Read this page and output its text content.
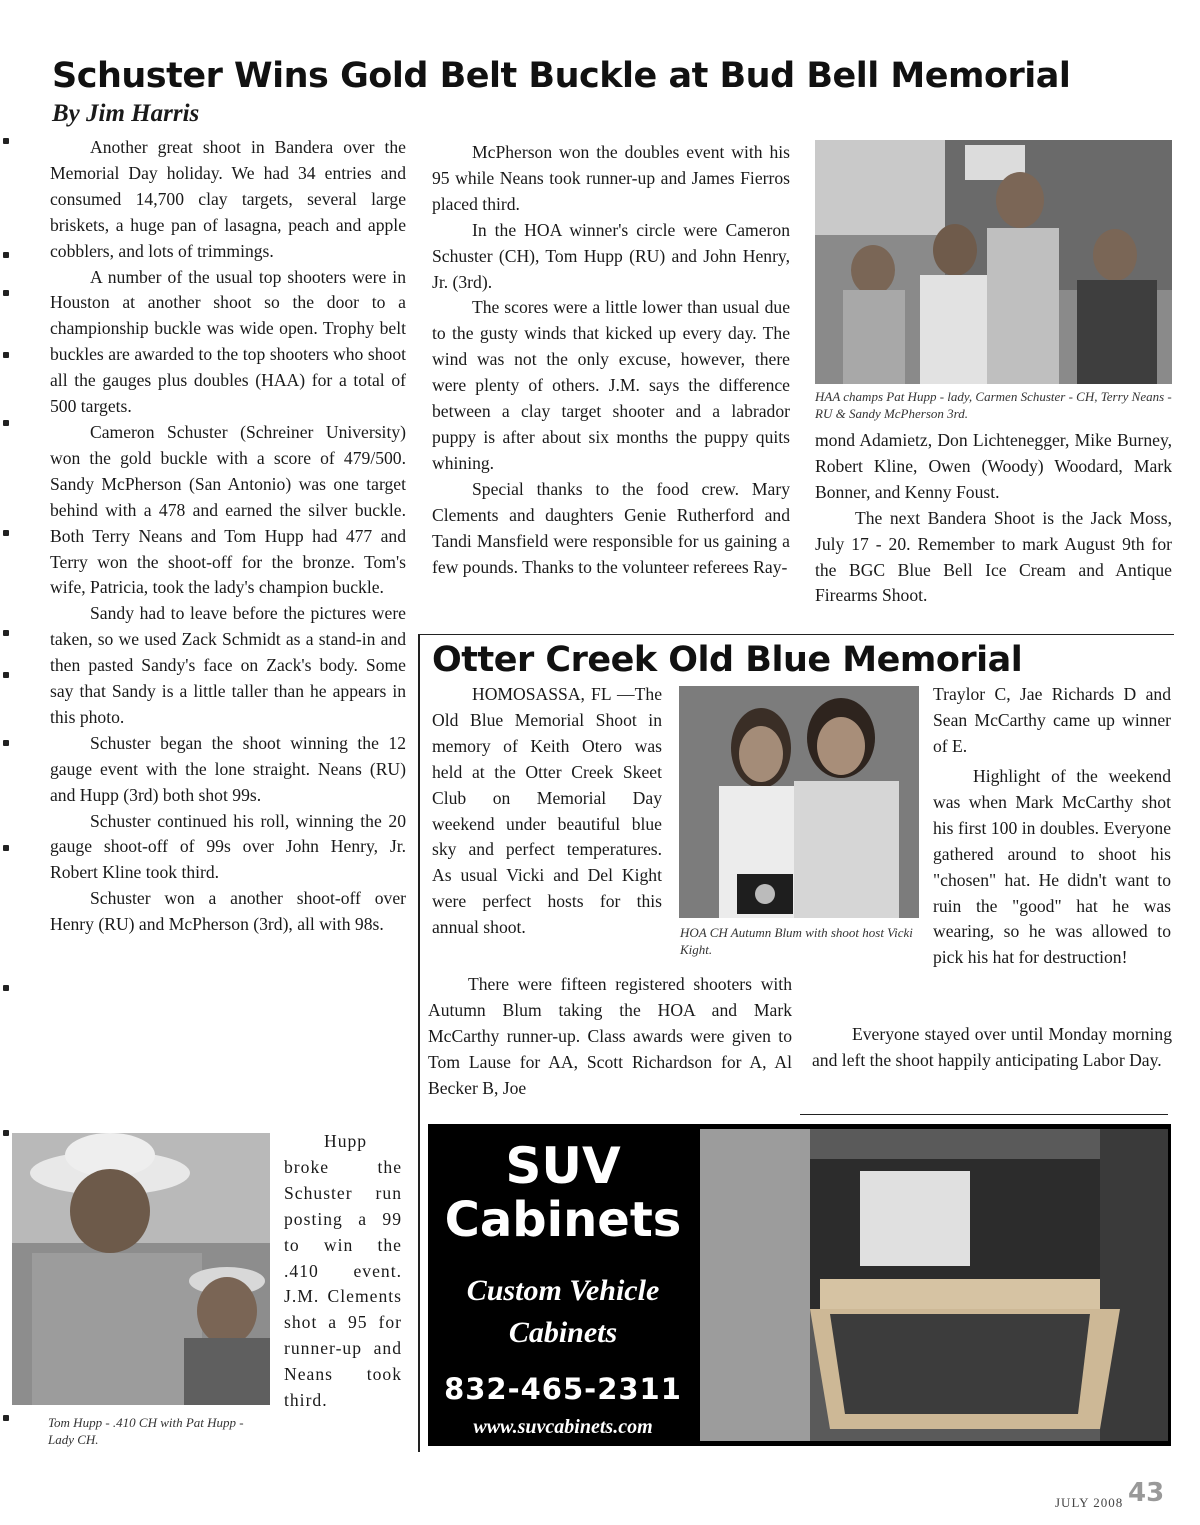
Schuster Wins Gold Belt Buckle at Bud Bell Memorial
By Jim Harris

Another great shoot in Bandera over the Memorial Day holiday. We had 34 entries and consumed 14,700 clay targets, several large briskets, a huge pan of lasagna, peach and apple cobblers, and lots of trimmings.

A number of the usual top shooters were in Houston at another shoot so the door to a championship buckle was wide open. Trophy belt buckles are awarded to the top shooters who shoot all the gauges plus doubles (HAA) for a total of 500 targets.

Cameron Schuster (Schreiner University) won the gold buckle with a score of 479/500. Sandy McPherson (San Antonio) was one target behind with a 478 and earned the silver buckle. Both Terry Neans and Tom Hupp had 477 and Terry won the shoot-off for the bronze. Tom's wife, Patricia, took the lady's champion buckle.

Sandy had to leave before the pictures were taken, so we used Zack Schmidt as a stand-in and then pasted Sandy's face on Zack's body. Some say that Sandy is a little taller than he appears in this photo.

Schuster began the shoot winning the 12 gauge event with the lone straight. Neans (RU) and Hupp (3rd) both shot 99s.

Schuster continued his roll, winning the 20 gauge shoot-off of 99s over John Henry, Jr. Robert Kline took third.

Schuster won a another shoot-off over Henry (RU) and McPherson (3rd), all with 98s.

Tom Hupp - .410 CH with Pat Hupp - Lady CH.

Hupp broke the Schuster run posting a 99 to win the .410 event. J.M. Clements shot a 95 for runner-up and Neans took third.

McPherson won the doubles event with his 95 while Neans took runner-up and James Fierros placed third.

In the HOA winner's circle were Cameron Schuster (CH), Tom Hupp (RU) and John Henry, Jr. (3rd).

The scores were a little lower than usual due to the gusty winds that kicked up every day. The wind was not the only excuse, however, there were plenty of others. J.M. says the difference between a clay target shooter and a labrador puppy is after about six months the puppy quits whining.

Special thanks to the food crew. Mary Clements and daughters Genie Rutherford and Tandi Mansfield were responsible for us gaining a few pounds. Thanks to the volunteer referees Ray-

HAA champs Pat Hupp - lady, Carmen Schuster - CH, Terry Neans - RU & Sandy McPherson 3rd.

mond Adamietz, Don Lichtenegger, Mike Burney, Robert Kline, Owen (Woody) Woodard, Mark Bonner, and Kenny Foust.

The next Bandera Shoot is the Jack Moss, July 17 - 20. Remember to mark August 9th for the BGC Blue Bell Ice Cream and Antique Firearms Shoot.

Otter Creek Old Blue Memorial

HOMOSASSA, FL —The Old Blue Memorial Shoot in memory of Keith Otero was held at the Otter Creek Skeet Club on Memorial Day weekend under beautiful blue sky and perfect temperatures. As usual Vicki and Del Kight were perfect hosts for this annual shoot.	HOA CH Autumn Blum with shoot host Vicki Kight.

There were fifteen registered shooters with Autumn Blum taking the HOA and Mark McCarthy runner-up. Class awards were given to Tom Lause for AA, Scott Richardson for A, Al Becker B, Joe

Traylor C, Jae Richards D and Sean McCarthy came up winner of E.

Highlight of the weekend was when Mark McCarthy shot his first 100 in doubles. Everyone gathered around to shoot his "chosen" hat. He didn't want to ruin the "good" hat he was wearing, so he was allowed to pick his hat for destruction!

Everyone stayed over until Monday morning and left the shoot happily anticipating Labor Day.

SUV
Cabinets
Custom Vehicle
Cabinets
832-465-2311
www.suvcabinets.com
JULY 2008 43
